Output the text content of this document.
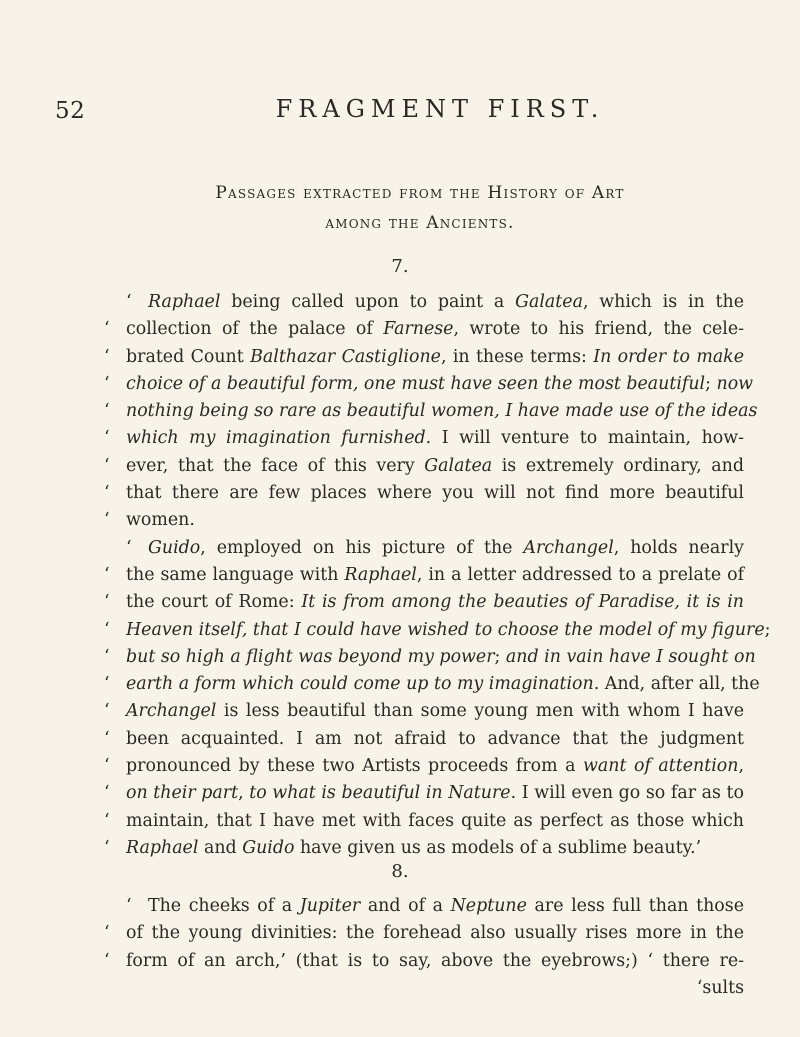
52	FRAGMENT FIRST.
Passages extracted from the History of Art
among the Ancients.
7.
‘ Raphael being called upon to paint a Galatea, which is in the
‘ collection of the palace of Farnese, wrote to his friend, the cele-
‘ brated Count Balthazar Castiglione, in these terms: In order to make
‘ choice of a beautiful form, one must have seen the most beautiful; now
‘ nothing being so rare as beautiful women, I have made use of the ideas
‘ which my imagination furnished. I will venture to maintain, how-
‘ ever, that the face of this very Galatea is extremely ordinary, and
‘ that there are few places where you will not find more beautiful
‘ women.
‘ Guido, employed on his picture of the Archangel, holds nearly
‘ the same language with Raphael, in a letter addressed to a prelate of
‘ the court of Rome: It is from among the beauties of Paradise, it is in
‘ Heaven itself, that I could have wished to choose the model of my figure;
‘ but so high a flight was beyond my power; and in vain have I sought on
‘ earth a form which could come up to my imagination. And, after all, the
‘ Archangel is less beautiful than some young men with whom I have
‘ been acquainted. I am not afraid to advance that the judgment
‘ pronounced by these two Artists proceeds from a want of attention,
‘ on their part, to what is beautiful in Nature. I will even go so far as to
‘ maintain, that I have met with faces quite as perfect as those which
‘ Raphael and Guido have given us as models of a sublime beauty.’
8.
‘ The cheeks of a Jupiter and of a Neptune are less full than those
‘ of the young divinities: the forehead also usually rises more in the
‘ form of an arch,’ (that is to say, above the eyebrows;) ‘ there re-
‘sults
